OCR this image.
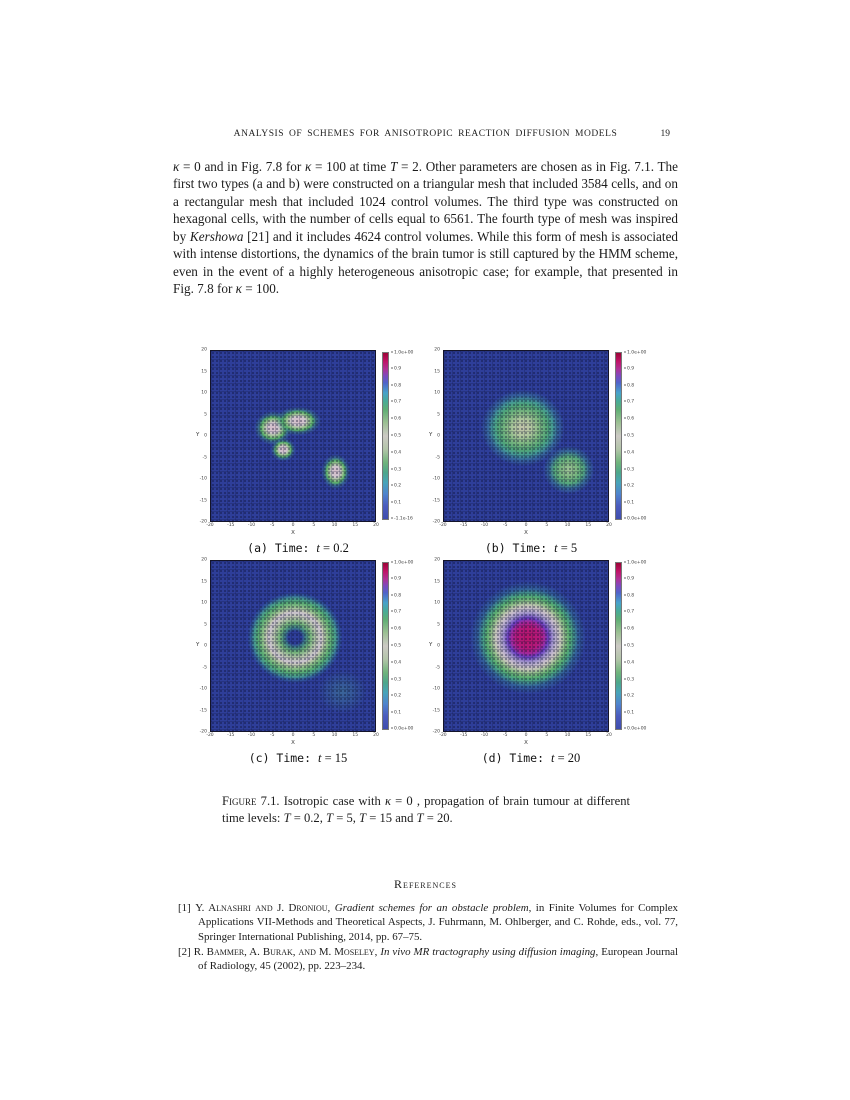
ANALYSIS OF SCHEMES FOR ANISOTROPIC REACTION DIFFUSION MODELS	19

κ = 0 and in Fig. 7.8 for κ = 100 at time T = 2. Other parameters are chosen as in Fig. 7.1. The first two types (a and b) were constructed on a triangular mesh that included 3584 cells, and on a rectangular mesh that included 1024 control volumes. The third type was constructed on hexagonal cells, with the number of cells equal to 6561. The fourth type of mesh was inspired by Kershowa [21] and it includes 4624 control volumes. While this form of mesh is associated with intense distortions, the dynamics of the brain tumor is still captured by the HMM scheme, even in the event of a highly heterogeneous anisotropic case; for example, that presented in Fig. 7.8 for κ = 100.

20
15
10
5
0
-5
-10
-15
-20
Y
-20	-15	-10	-5	0	5	10	15	20
X
1.0e+00
0.9
0.8
0.7
0.6
0.5
0.4
0.3
0.2
0.1
-1.1e-16
(a) Time: t = 0.2
20
15
10
5
0
-5
-10
-15
-20
Y
-20	-15	-10	-5	0	5	10	15	20
X
1.0e+00
0.9
0.8
0.7
0.6
0.5
0.4
0.3
0.2
0.1
0.0e+00
(b) Time: t = 5
20
15
10
5
0
-5
-10
-15
-20
Y
-20	-15	-10	-5	0	5	10	15	20
X
1.0e+00
0.9
0.8
0.7
0.6
0.5
0.4
0.3
0.2
0.1
0.0e+00
(c) Time: t = 15
20
15
10
5
0
-5
-10
-15
-20
Y
-20	-15	-10	-5	0	5	10	15	20
X
1.0e+00
0.9
0.8
0.7
0.6
0.5
0.4
0.3
0.2
0.1
0.0e+00
(d) Time: t = 20
Figure 7.1. Isotropic case with κ = 0 , propagation of brain tumour at different time levels: T = 0.2, T = 5, T = 15 and T = 20.
References
[1] Y. Alnashri and J. Droniou, Gradient schemes for an obstacle problem, in Finite Volumes for Complex Applications VII-Methods and Theoretical Aspects, J. Fuhrmann, M. Ohlberger, and C. Rohde, eds., vol. 77, Springer International Publishing, 2014, pp. 67–75.
[2] R. Bammer, A. Burak, and M. Moseley, In vivo MR tractography using diffusion imaging, European Journal of Radiology, 45 (2002), pp. 223–234.
